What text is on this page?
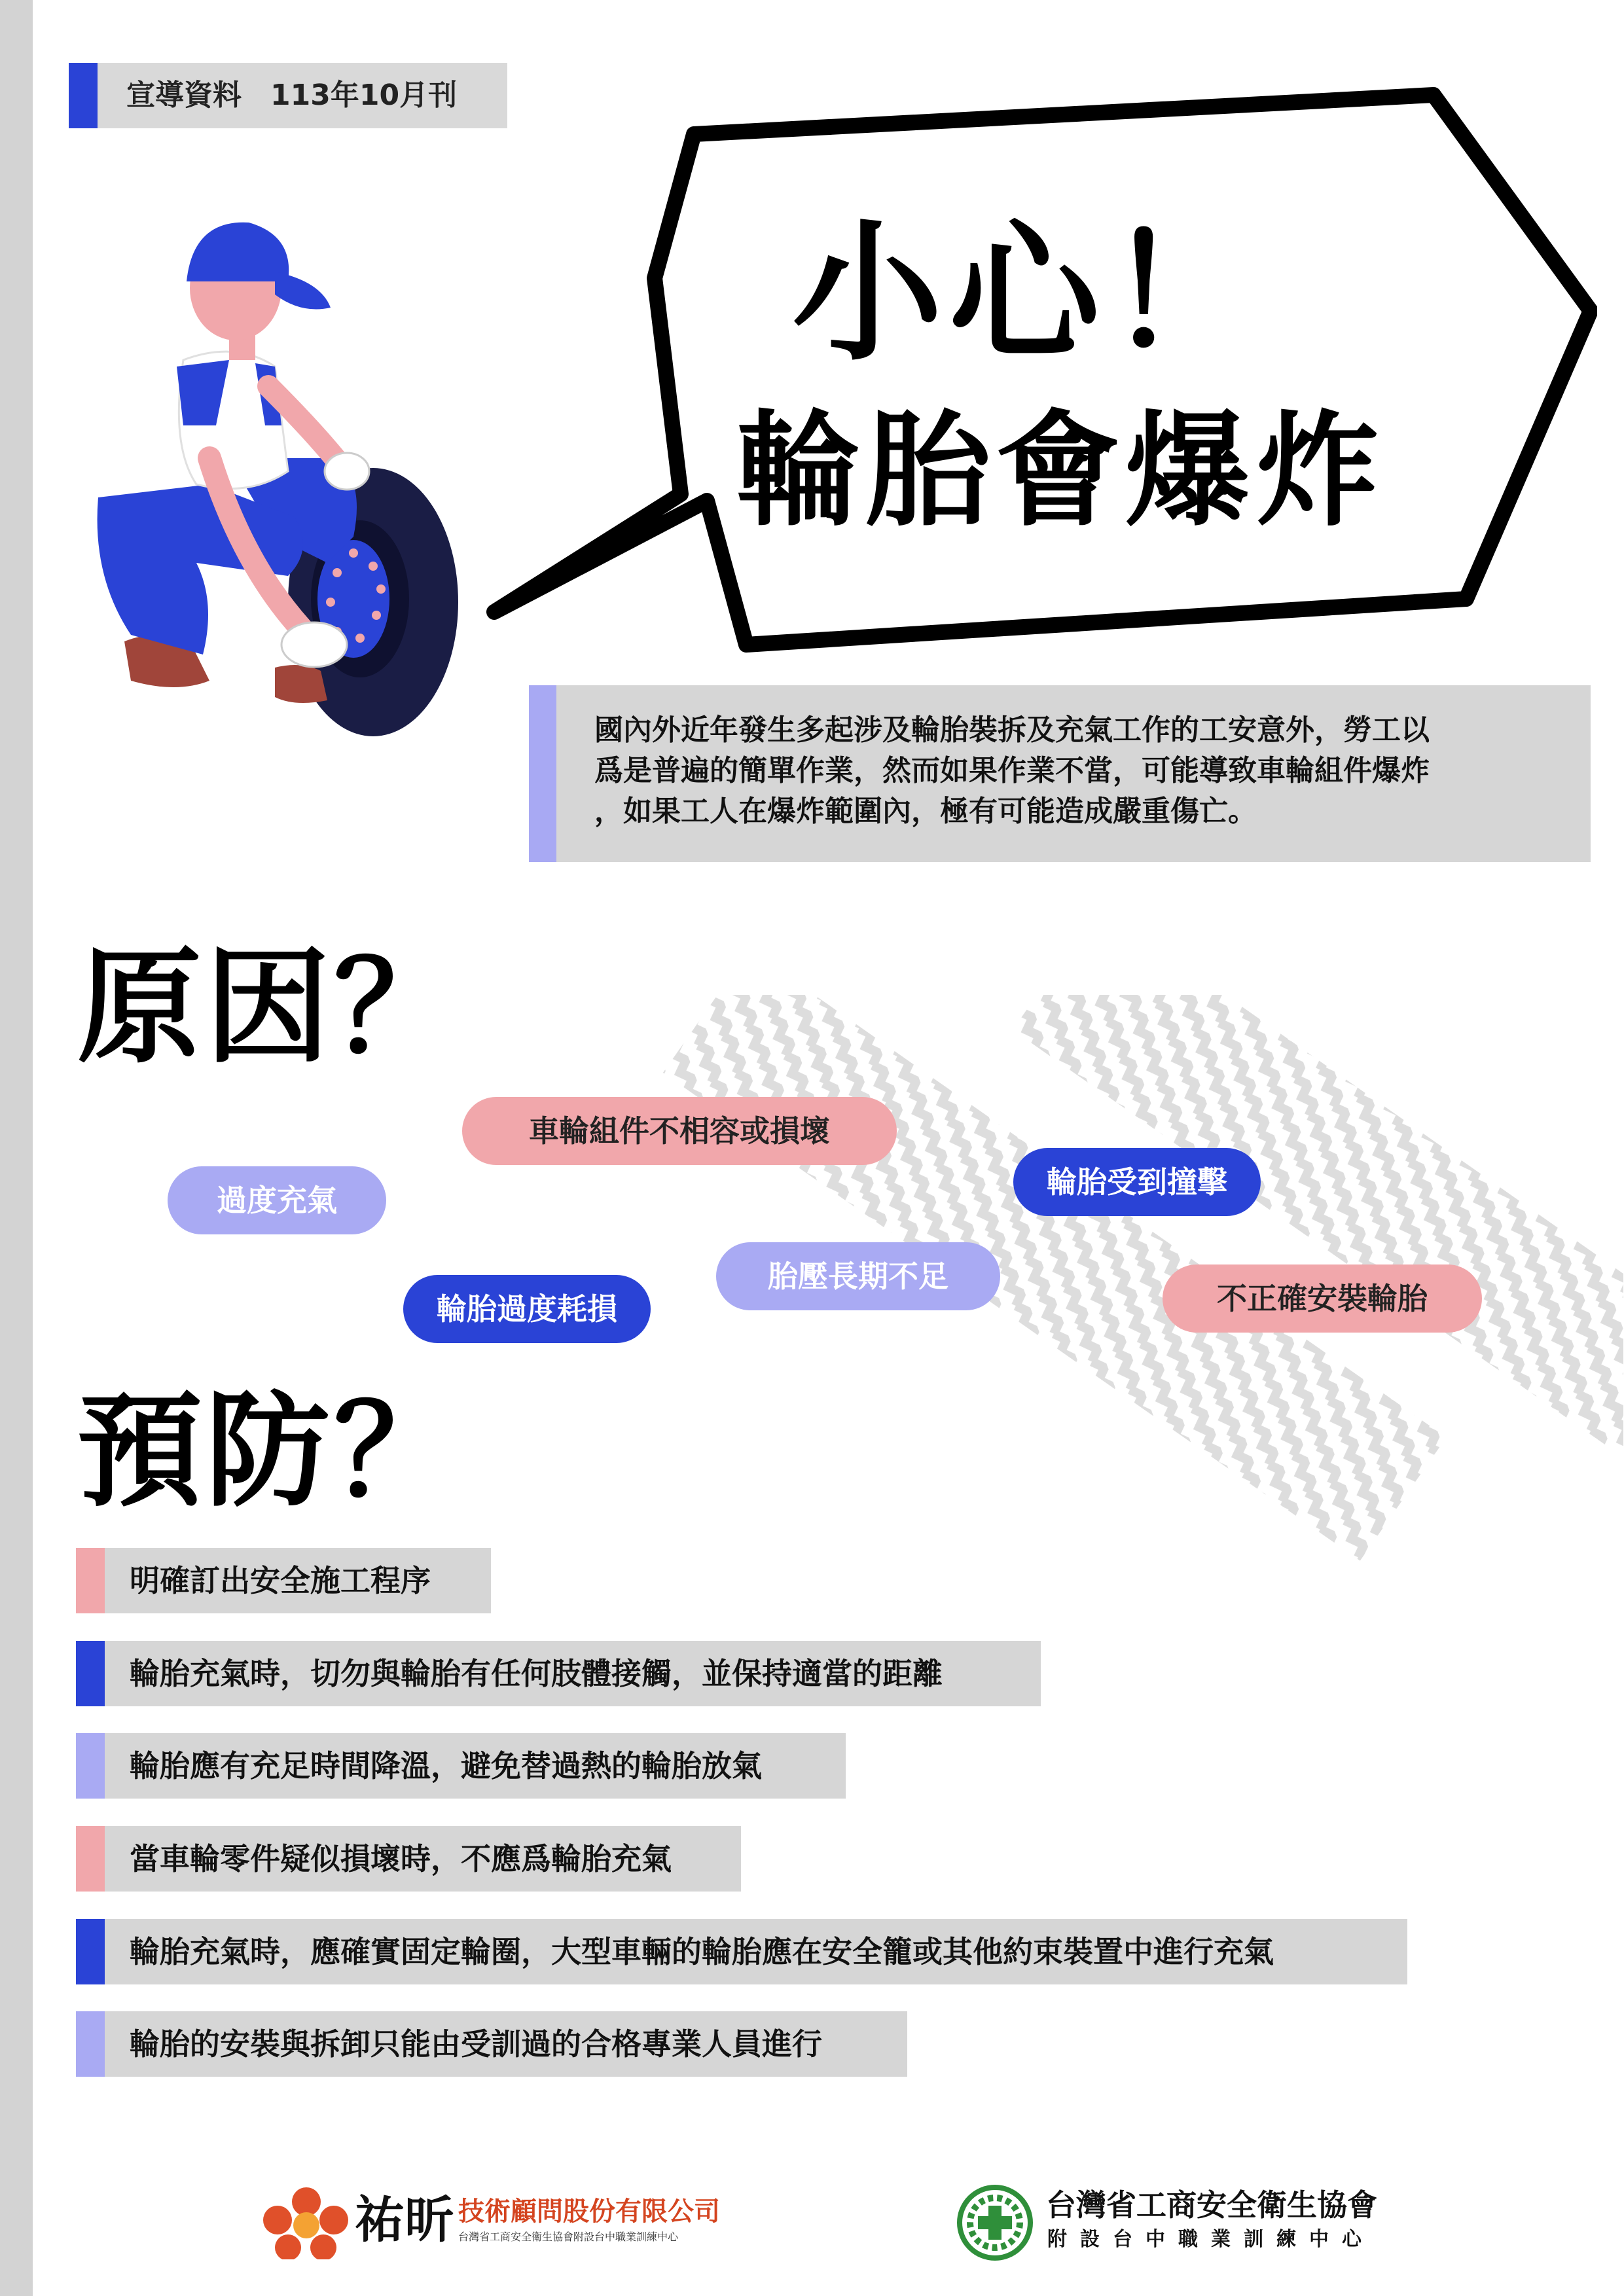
宣導資料　113年10月刊
小心！
輪胎會爆炸
國內外近年發生多起涉及輪胎裝拆及充氣工作的工安意外，勞工以
爲是普遍的簡單作業，然而如果作業不當，可能導致車輪組件爆炸
，如果工人在爆炸範圍內，極有可能造成嚴重傷亡。
原因？
車輪組件不相容或損壞
過度充氣
輪胎受到撞擊
胎壓長期不足
不正確安裝輪胎
輪胎過度耗損
預防？
明確訂出安全施工程序
輪胎充氣時，切勿與輪胎有任何肢體接觸，並保持適當的距離
輪胎應有充足時間降溫，避免替過熱的輪胎放氣
當車輪零件疑似損壞時，不應爲輪胎充氣
輪胎充氣時，應確實固定輪圈，大型車輛的輪胎應在安全籠或其他約束裝置中進行充氣
輪胎的安裝與拆卸只能由受訓過的合格專業人員進行
祐昕 技術顧問股份有限公司
台灣省工商安全衛生協會附設台中職業訓練中心
台灣省工商安全衛生協會
附設台中職業訓練中心
